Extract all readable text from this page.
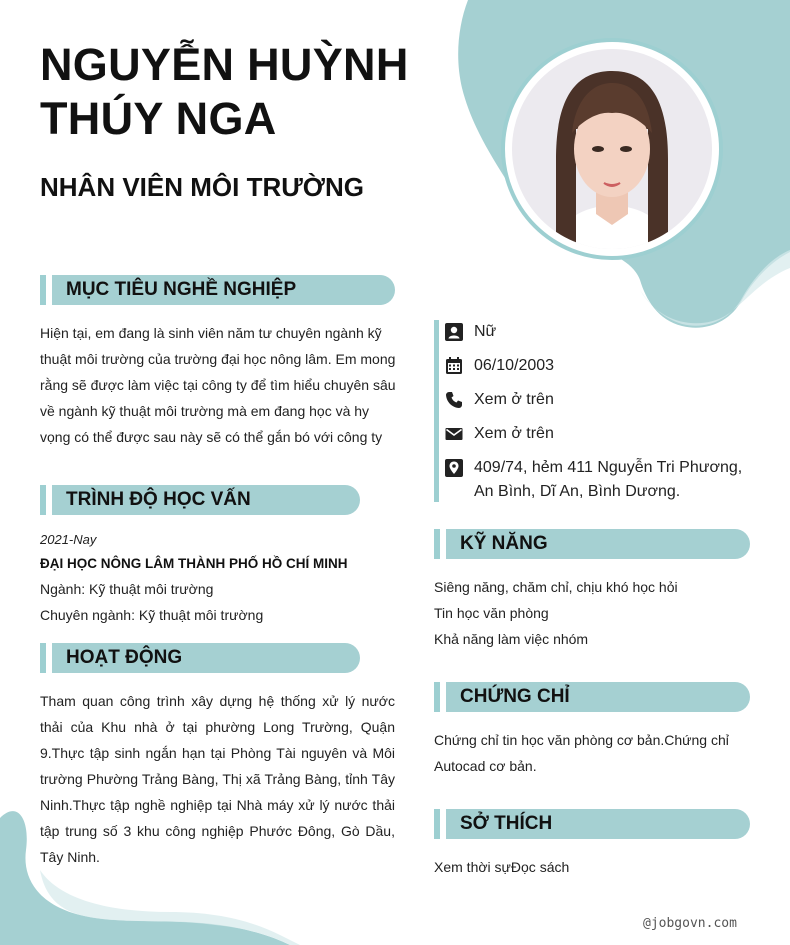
NGUYỄN HUỲNH
THÚY NGA
NHÂN VIÊN MÔI TRƯỜNG
MỤC TIÊU NGHỀ NGHIỆP
Hiện tại, em đang là sinh viên năm tư chuyên ngành kỹ
thuật môi trường của trường đại học nông lâm. Em mong
rằng sẽ được làm việc tại công ty để tìm hiểu chuyên sâu
về ngành kỹ thuật môi trường mà em đang học và hy
vọng có thể được sau này sẽ có thể gắn bó với công ty
TRÌNH ĐỘ HỌC VẤN
2021-Nay
ĐẠI HỌC NÔNG LÂM THÀNH PHỐ HỒ CHÍ MINH
Ngành: Kỹ thuật môi trường
Chuyên ngành: Kỹ thuật môi trường
HOẠT ĐỘNG
Tham quan công trình xây dựng hệ thống xử lý nước thải của Khu nhà ở tại phường Long Trường, Quận 9.Thực tập sinh ngắn hạn tại Phòng Tài nguyên và Môi trường Phường Trảng Bàng, Thị xã Trảng Bàng, tỉnh Tây Ninh.Thực tập nghề nghiệp tại Nhà máy xử lý nước thải tập trung số 3 khu công nghiệp Phước Đông, Gò Dầu, Tây Ninh.
Nữ
06/10/2003
Xem ở trên
Xem ở trên
409/74, hẻm 411 Nguyễn Tri Phương,
An Bình, Dĩ An, Bình Dương.
KỸ NĂNG
Siêng năng, chăm chỉ, chịu khó học hỏi
Tin học văn phòng
Khả năng làm việc nhóm
CHỨNG CHỈ
Chứng chỉ tin học văn phòng cơ bản.Chứng chỉ
Autocad cơ bản.
SỞ THÍCH
Xem thời sựĐọc sách
@jobgovn.com
